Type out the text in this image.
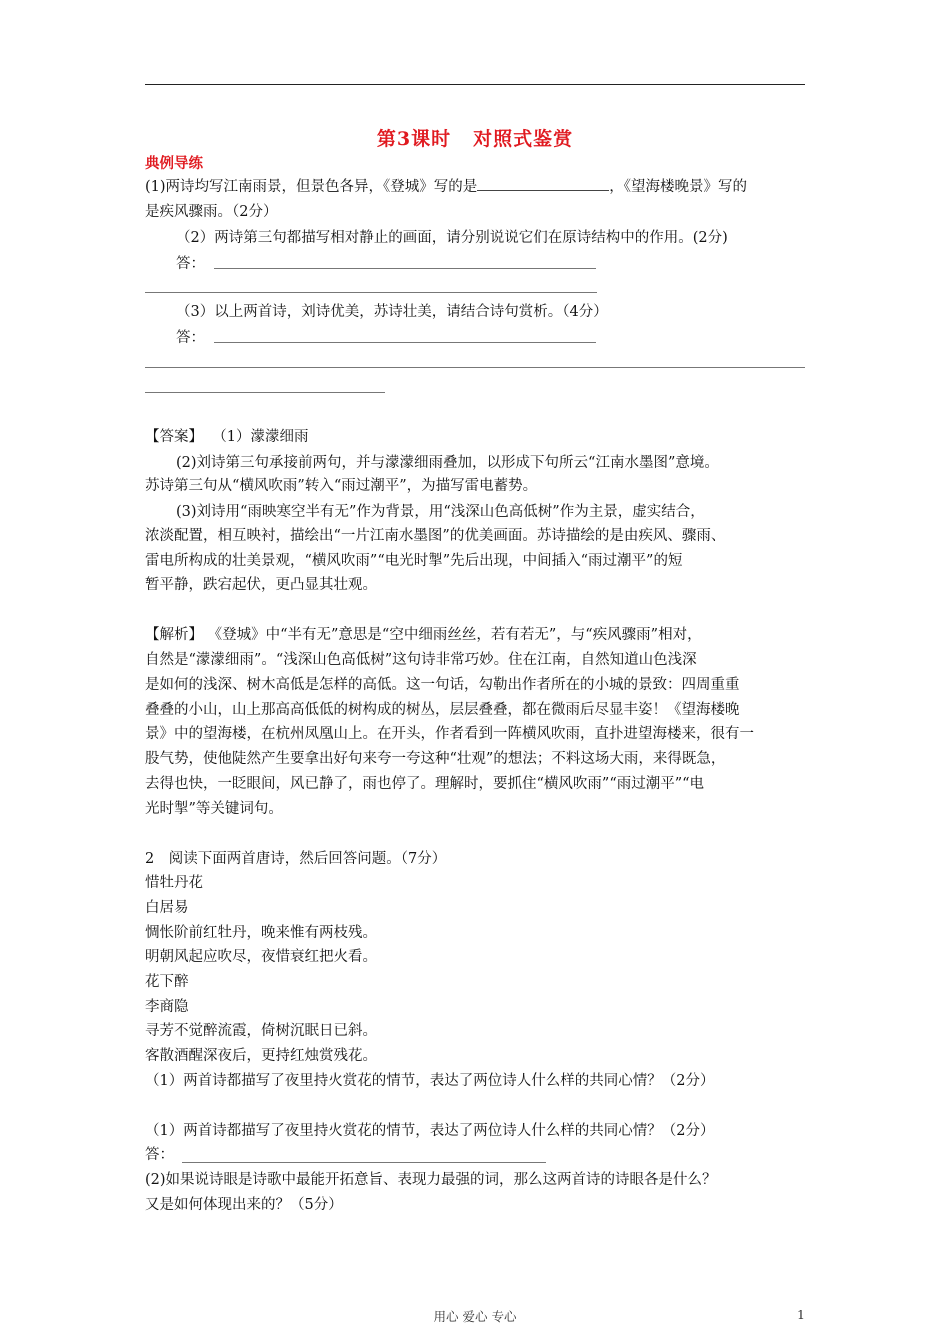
第3课时 对照式鉴赏
典例导练
(1)两诗均写江南雨景，但景色各异，《登城》写的是	，《望海楼晚景》写的
是疾风骤雨。（2分）
（2）两诗第三句都描写相对静止的画面，请分别说说它们在原诗结构中的作用。(2分)
答：
（3）以上两首诗，刘诗优美，苏诗壮美，请结合诗句赏析。（4分）
答：
【答案】 （1）濛濛细雨
(2)刘诗第三句承接前两句，并与濛濛细雨叠加，以形成下句所云“江南水墨图”意境。
苏诗第三句从“横风吹雨”转入“雨过潮平”，为描写雷电蓄势。
(3)刘诗用“雨映寒空半有无”作为背景，用“浅深山色高低树”作为主景，虚实结合，
浓淡配置，相互映衬，描绘出“一片江南水墨图”的优美画面。苏诗描绘的是由疾风、骤雨、
雷电所构成的壮美景观，“横风吹雨”“电光时掣”先后出现，中间插入“雨过潮平”的短
暂平静，跌宕起伏，更凸显其壮观。
【解析】 《登城》中“半有无”意思是“空中细雨丝丝，若有若无”，与“疾风骤雨”相对，
自然是“濛濛细雨”。“浅深山色高低树”这句诗非常巧妙。住在江南，自然知道山色浅深
是如何的浅深、树木高低是怎样的高低。这一句话，勾勒出作者所在的小城的景致：四周重重
叠叠的小山，山上那高高低低的树构成的树丛，层层叠叠，都在微雨后尽显丰姿！《望海楼晚
景》中的望海楼，在杭州凤凰山上。在开头，作者看到一阵横风吹雨，直扑进望海楼来，很有一
股气势，使他陡然产生要拿出好句来夸一夸这种“壮观”的想法；不料这场大雨，来得既急，
去得也快，一眨眼间，风已静了，雨也停了。理解时，要抓住“横风吹雨”“雨过潮平”“电
光时掣”等关键词句。
2　阅读下面两首唐诗，然后回答问题。（7分）
惜牡丹花
白居易
惆怅阶前红牡丹，晚来惟有两枝残。
明朝风起应吹尽，夜惜衰红把火看。
花下醉
李商隐
寻芳不觉醉流霞，倚树沉眠日已斜。
客散酒醒深夜后，更持红烛赏残花。
（1）两首诗都描写了夜里持火赏花的情节，表达了两位诗人什么样的共同心情？（2分）
（1）两首诗都描写了夜里持火赏花的情节，表达了两位诗人什么样的共同心情？（2分）
答：
(2)如果说诗眼是诗歌中最能开拓意旨、表现力最强的词，那么这两首诗的诗眼各是什么？
又是如何体现出来的？（5分）
用心 爱心 专心	1
